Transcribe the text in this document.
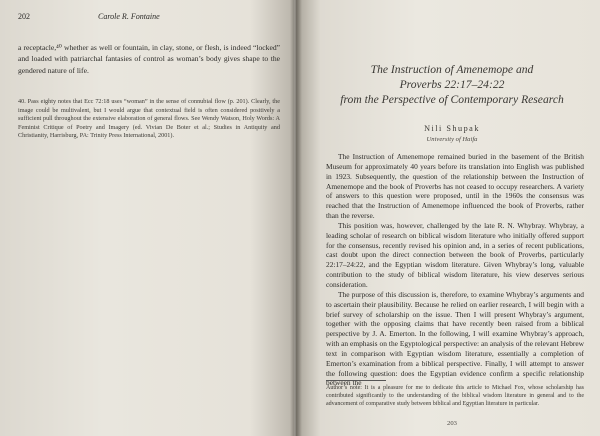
202	Carole R. Fontaine

a receptacle,⁴⁰ whether as well or fountain, in clay, stone, or flesh, is indeed “locked” and loaded with patriarchal fantasies of control as woman’s body gives shape to the gendered nature of life.

40. Pass eighty notes that Ecc 72:18 uses “woman” in the sense of connubial flow (p. 201). Clearly, the image could be multivalent, but I would argue that contextual field is often considered positively a sufficient pull throughout the extensive elaboration of general flows. See Wendy Watson, Holy Words: A Feminist Critique of Poetry and Imagery (ed. Vivian De Boter et al.; Studies in Antiquity and Christianity, Harrisburg, PA: Trinity Press International, 2001).

The Instruction of Amenemope and
Proverbs 22:17–24:22
from the Perspective of Contemporary Research
Nili Shupak
University of Haifa

The Instruction of Amenemope remained buried in the basement of the British Museum for approximately 40 years before its translation into English was published in 1923. Subsequently, the question of the relationship between the Instruction of Amenemope and the book of Proverbs has not ceased to occupy researchers. A variety of answers to this question were proposed, until in the 1960s the consensus was reached that the Instruction of Amenemope influenced the book of Proverbs, rather than the reverse.

This position was, however, challenged by the late R. N. Whybray. Whybray, a leading scholar of research on biblical wisdom literature who initially offered support for the consensus, recently revised his opinion and, in a series of recent publications, cast doubt upon the direct connection between the book of Proverbs, particularly 22:17–24:22, and the Egyptian wisdom literature. Given Whybray’s long, valuable contribution to the study of biblical wisdom literature, his view deserves serious consideration.

The purpose of this discussion is, therefore, to examine Whybray’s arguments and to ascertain their plausibility. Because he relied on earlier research, I will begin with a brief survey of scholarship on the issue. Then I will present Whybray’s argument, together with the opposing claims that have recently been raised from a biblical perspective by J. A. Emerton. In the following, I will examine Whybray’s approach, with an emphasis on the Egyptological perspective: an analysis of the relevant Hebrew text in comparison with Egyptian wisdom literature, essentially a completion of Emerton’s examination from a biblical perspective. Finally, I will attempt to answer the following question: does the Egyptian evidence confirm a specific relationship between the

Author’s note: It is a pleasure for me to dedicate this article to Michael Fox, whose scholarship has contributed significantly to the understanding of the biblical wisdom literature in general and to the advancement of comparative study between biblical and Egyptian literature in particular.

203
